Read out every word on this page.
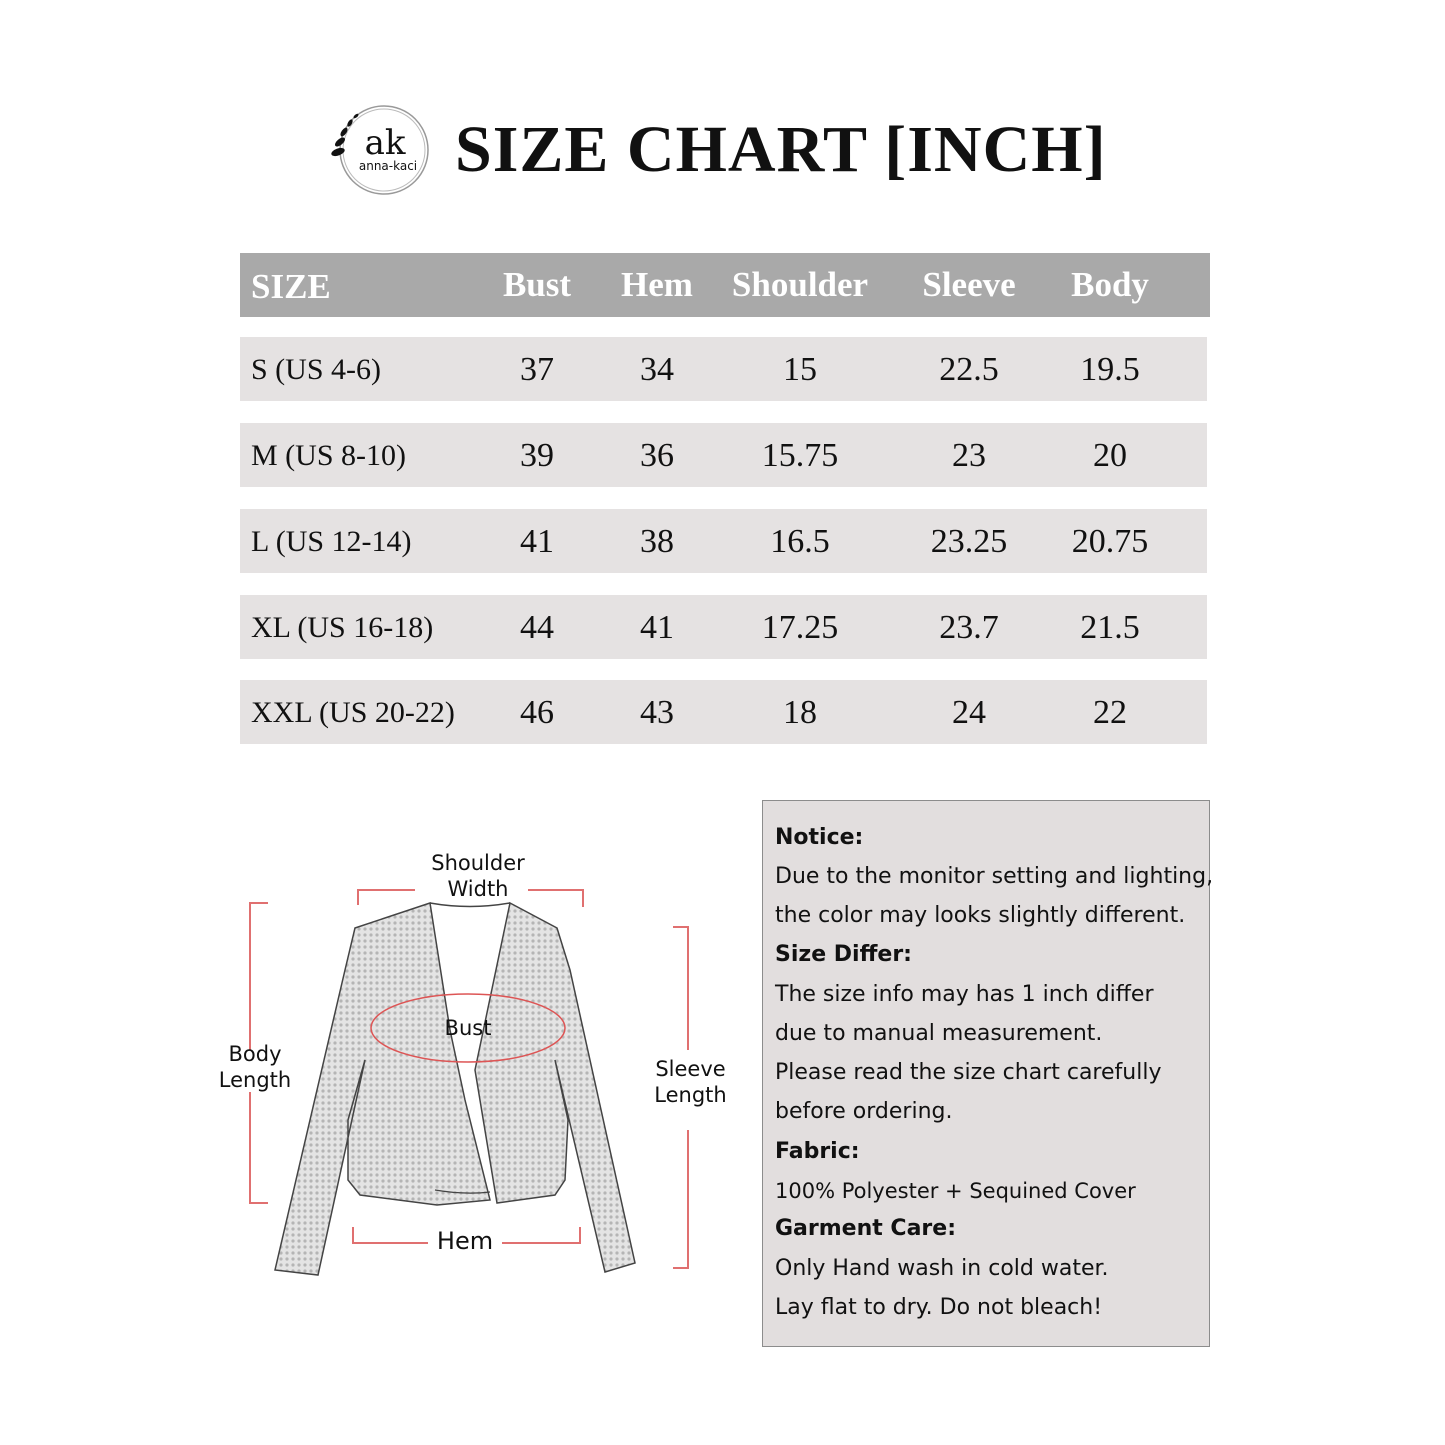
ak
anna-kaci SIZE CHART [INCH]
SIZE	Bust Hem Shoulder Sleeve Body
S (US 4-6)	37	34	15	22.5 19.5
M (US 8-10)	39	36	15.75	23	20
L (US 12-14)	41	38	16.5	23.25 20.75
XL (US 16-18)	44	41	17.25	23.7 21.5
XXL (US 20-22) 46	43	18	24	22
Shoulder
Width
Bust
Body
Length	Sleeve
Length
Hem
Notice:
Due to the monitor setting and lighting,
the color may looks slightly different.
Size Differ:
The size info may has 1 inch differ
due to manual measurement.
Please read the size chart carefully
before ordering.
Fabric:
100% Polyester + Sequined Cover
Garment Care:
Only Hand wash in cold water.
Lay flat to dry. Do not bleach!
